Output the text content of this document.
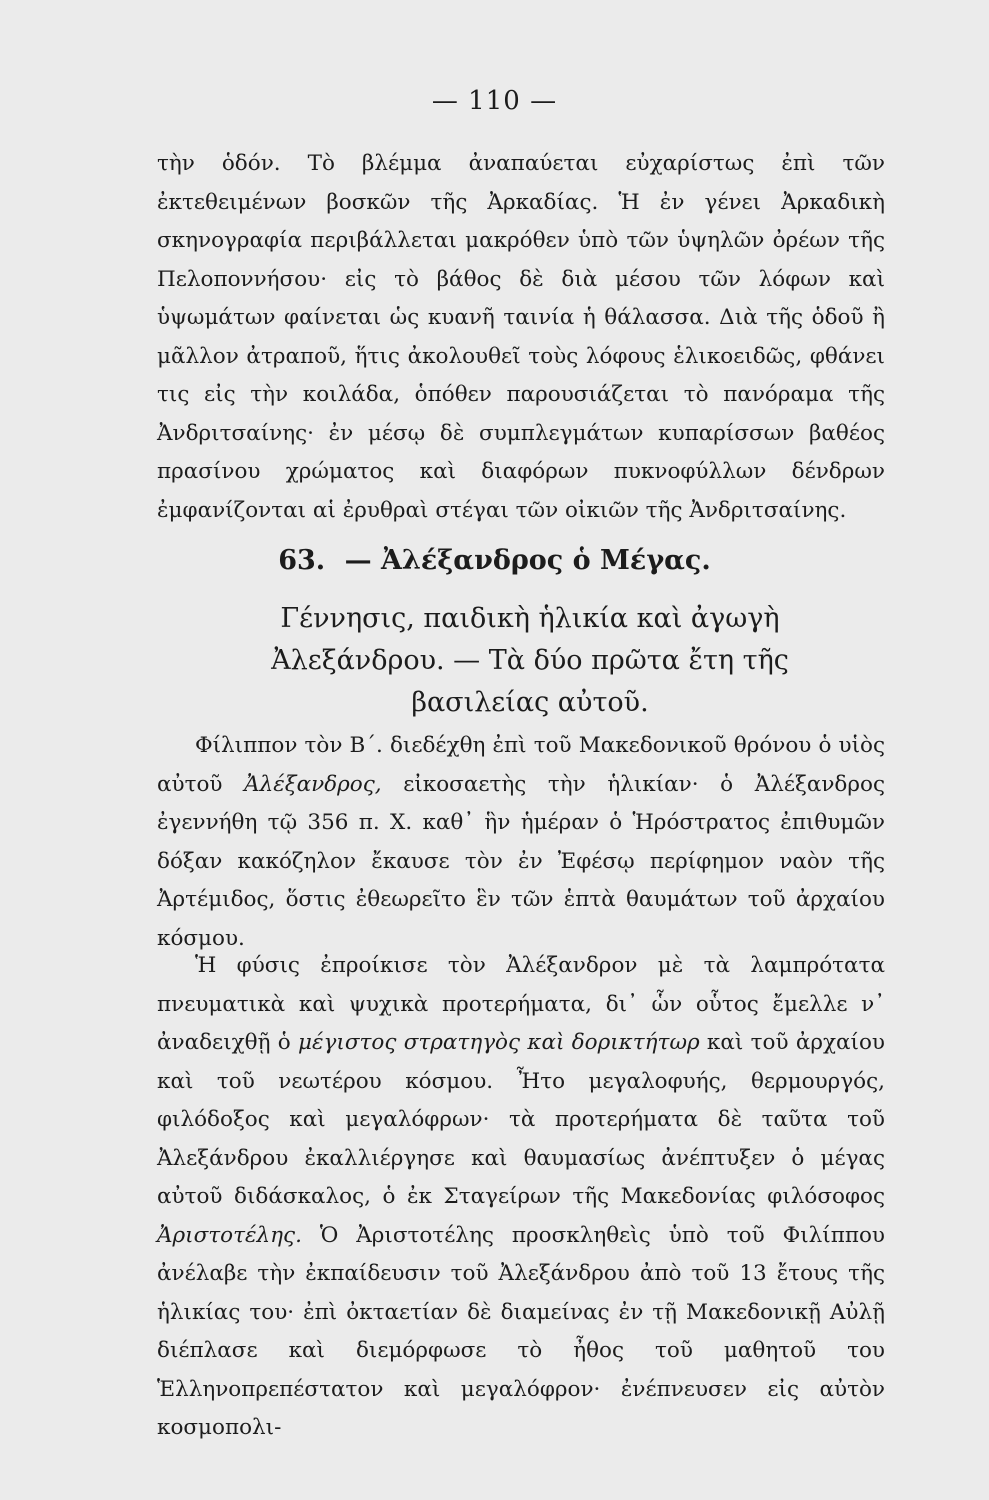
— 110 —

τὴν ὁδόν. Τὸ βλέμμα ἀναπαύεται εὐχαρίστως ἐπὶ τῶν ἐκτεθειμένων βοσκῶν τῆς Ἀρκαδίας. Ἡ ἐν γένει Ἀρκαδικὴ σκηνογραφία περιβάλλεται μακρόθεν ὑπὸ τῶν ὑψηλῶν ὀρέων τῆς Πελοποννήσου· εἰς τὸ βάθος δὲ διὰ μέσου τῶν λόφων καὶ ὑψωμάτων φαίνεται ὡς κυανῆ ταινία ἡ θάλασσα. Διὰ τῆς ὁδοῦ ἢ μᾶλλον ἀτραποῦ, ἥτις ἀκολουθεῖ τοὺς λόφους ἑλικοειδῶς, φθάνει τις εἰς τὴν κοιλάδα, ὁπόθεν παρουσιάζεται τὸ πανόραμα τῆς Ἀνδριτσαίνης· ἐν μέσῳ δὲ συμπλεγμάτων κυπαρίσσων βαθέος πρασίνου χρώματος καὶ διαφόρων πυκνοφύλλων δένδρων ἐμφανίζονται αἱ ἐρυθραὶ στέγαι τῶν οἰκιῶν τῆς Ἀνδριτσαίνης.

63. — Ἀλέξανδρος ὁ Μέγας.
Γέννησις, παιδικὴ ἡλικία καὶ ἀγωγὴ Ἀλεξάνδρου. — Τὰ δύο πρῶτα ἔτη τῆς βασιλείας αὐτοῦ.

Φίλιππον τὸν Β΄. διεδέχθη ἐπὶ τοῦ Μακεδονικοῦ θρόνου ὁ υἱὸς αὐτοῦ Ἀλέξανδρος, εἰκοσαετὴς τὴν ἡλικίαν· ὁ Ἀλέξανδρος ἐγεννήθη τῷ 356 π. Χ. καθ᾽ ἣν ἡμέραν ὁ Ἡρόστρατος ἐπιθυμῶν δόξαν κακόζηλον ἔκαυσε τὸν ἐν Ἐφέσῳ περίφημον ναὸν τῆς Ἀρτέμιδος, ὅστις ἐθεωρεῖτο ἓν τῶν ἑπτὰ θαυμάτων τοῦ ἀρχαίου κόσμου.

Ἡ φύσις ἐπροίκισε τὸν Ἀλέξανδρον μὲ τὰ λαμπρότατα πνευματικὰ καὶ ψυχικὰ προτερήματα, δι᾽ ὧν οὗτος ἔμελλε ν᾽ ἀναδειχθῇ ὁ μέγιστος στρατηγὸς καὶ δορικτήτωρ καὶ τοῦ ἀρχαίου καὶ τοῦ νεωτέρου κόσμου. Ἦτο μεγαλοφυής, θερμουργός, φιλόδοξος καὶ μεγαλόφρων· τὰ προτερήματα δὲ ταῦτα τοῦ Ἀλεξάνδρου ἐκαλλιέργησε καὶ θαυμασίως ἀνέπτυξεν ὁ μέγας αὐτοῦ διδάσκαλος, ὁ ἐκ Σταγείρων τῆς Μακεδονίας φιλόσοφος Ἀριστοτέλης. Ὁ Ἀριστοτέλης προσκληθεὶς ὑπὸ τοῦ Φιλίππου ἀνέλαβε τὴν ἐκπαίδευσιν τοῦ Ἀλεξάνδρου ἀπὸ τοῦ 13 ἔτους τῆς ἡλικίας του· ἐπὶ ὀκταετίαν δὲ διαμείνας ἐν τῇ Μακεδονικῇ Αὐλῇ διέπλασε καὶ διεμόρφωσε τὸ ἦθος τοῦ μαθητοῦ του Ἑλληνοπρεπέστατον καὶ μεγαλόφρον· ἐνέπνευσεν εἰς αὐτὸν κοσμοπολι-
